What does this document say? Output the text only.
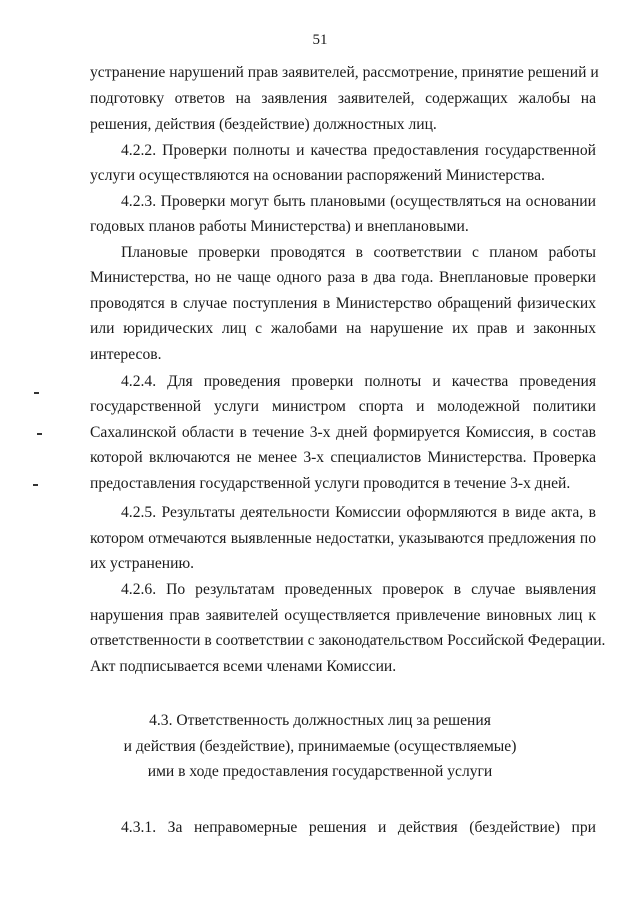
51
устранение нарушений прав заявителей, рассмотрение, принятие решений и
подготовку ответов на заявления заявителей, содержащих жалобы на
решения, действия (бездействие) должностных лиц.
4.2.2. Проверки полноты и качества предоставления государственной
услуги осуществляются на основании распоряжений Министерства.
4.2.3. Проверки могут быть плановыми (осуществляться на основании
годовых планов работы Министерства) и внеплановыми.
Плановые проверки проводятся в соответствии с планом работы
Министерства, но не чаще одного раза в два года. Внеплановые проверки
проводятся в случае поступления в Министерство обращений физических
или юридических лиц с жалобами на нарушение их прав и законных
интересов.
4.2.4. Для проведения проверки полноты и качества проведения
государственной услуги министром спорта и молодежной политики
Сахалинской области в течение 3-х дней формируется Комиссия, в состав
которой включаются не менее 3-х специалистов Министерства. Проверка
предоставления государственной услуги проводится в течение 3-х дней.
4.2.5. Результаты деятельности Комиссии оформляются в виде акта, в
котором отмечаются выявленные недостатки, указываются предложения по
их устранению.
4.2.6. По результатам проведенных проверок в случае выявления
нарушения прав заявителей осуществляется привлечение виновных лиц к
ответственности в соответствии с законодательством Российской Федерации.
Акт подписывается всеми членами Комиссии.
4.3. Ответственность должностных лиц за решения
и действия (бездействие), принимаемые (осуществляемые)
ими в ходе предоставления государственной услуги
4.3.1. За неправомерные решения и действия (бездействие) при
